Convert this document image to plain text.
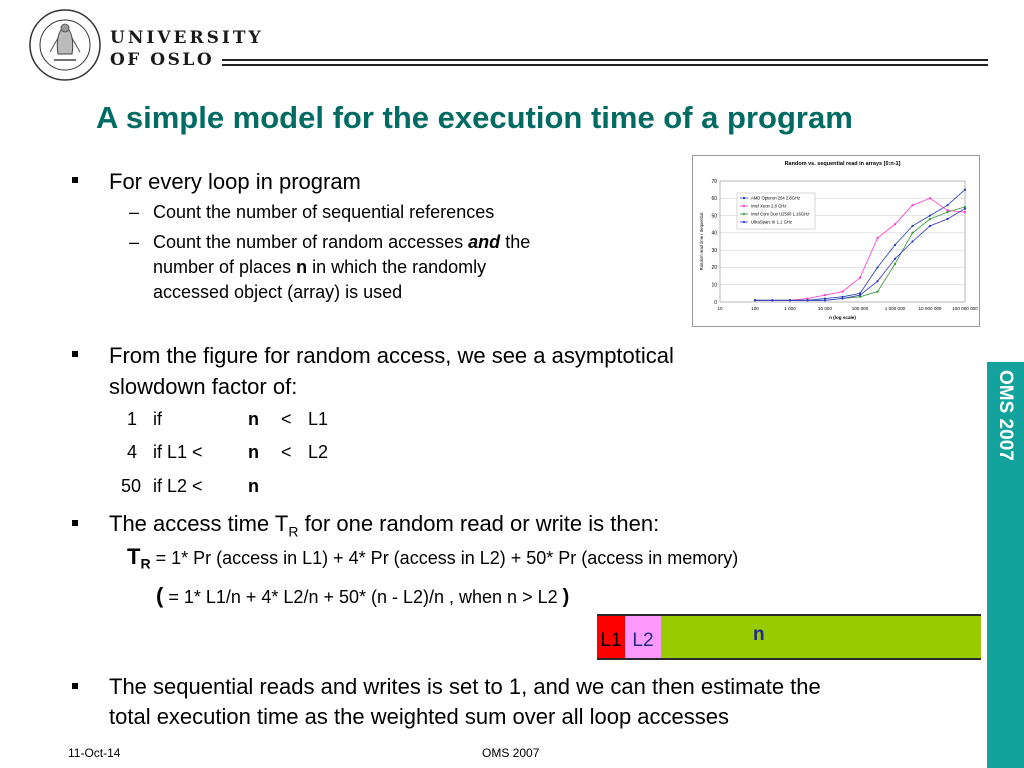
UNIVERSITY
OF OSLO
A simple model for the execution time of a program
OMS 2007
Random vs. sequential read in arrays [0:n-1]
0
10
20
30
40
50
60
70
10	100	1 000	10 000	100 000	1 000 000	10 000 000 100 000 000
n (log scale)
Random read time / Sequential
AMD Opteron 254 2.8GHz
Intel Xeon 2.8 GHz
Intel Core Duo U2500 1.16GHz
UltraSparc III 1.1 GHz
For every loop in program
– Count the number of sequential references
– Count the number of random accesses and the
number of places n in which the randomly
accessed object (array) is used
From the figure for random access, we see a asymptotical
slowdown factor of:
1 if	n < L1
4 if L1 <	n < L2
50 if L2 <	n
The access time $T_R$ for one random read or write is then:
$T_R = 1*$ Pr (access in L1) + 4* Pr (access in L2) + 50* Pr (access in memory)
( = 1* L1/n + 4* L2/n + 50* (n - L2)/n , when n > L2 )
L1 L2	n
The sequential reads and writes is set to 1, and we can then estimate the
total execution time as the weighted sum over all loop accesses
11-Oct-14	OMS 2007
